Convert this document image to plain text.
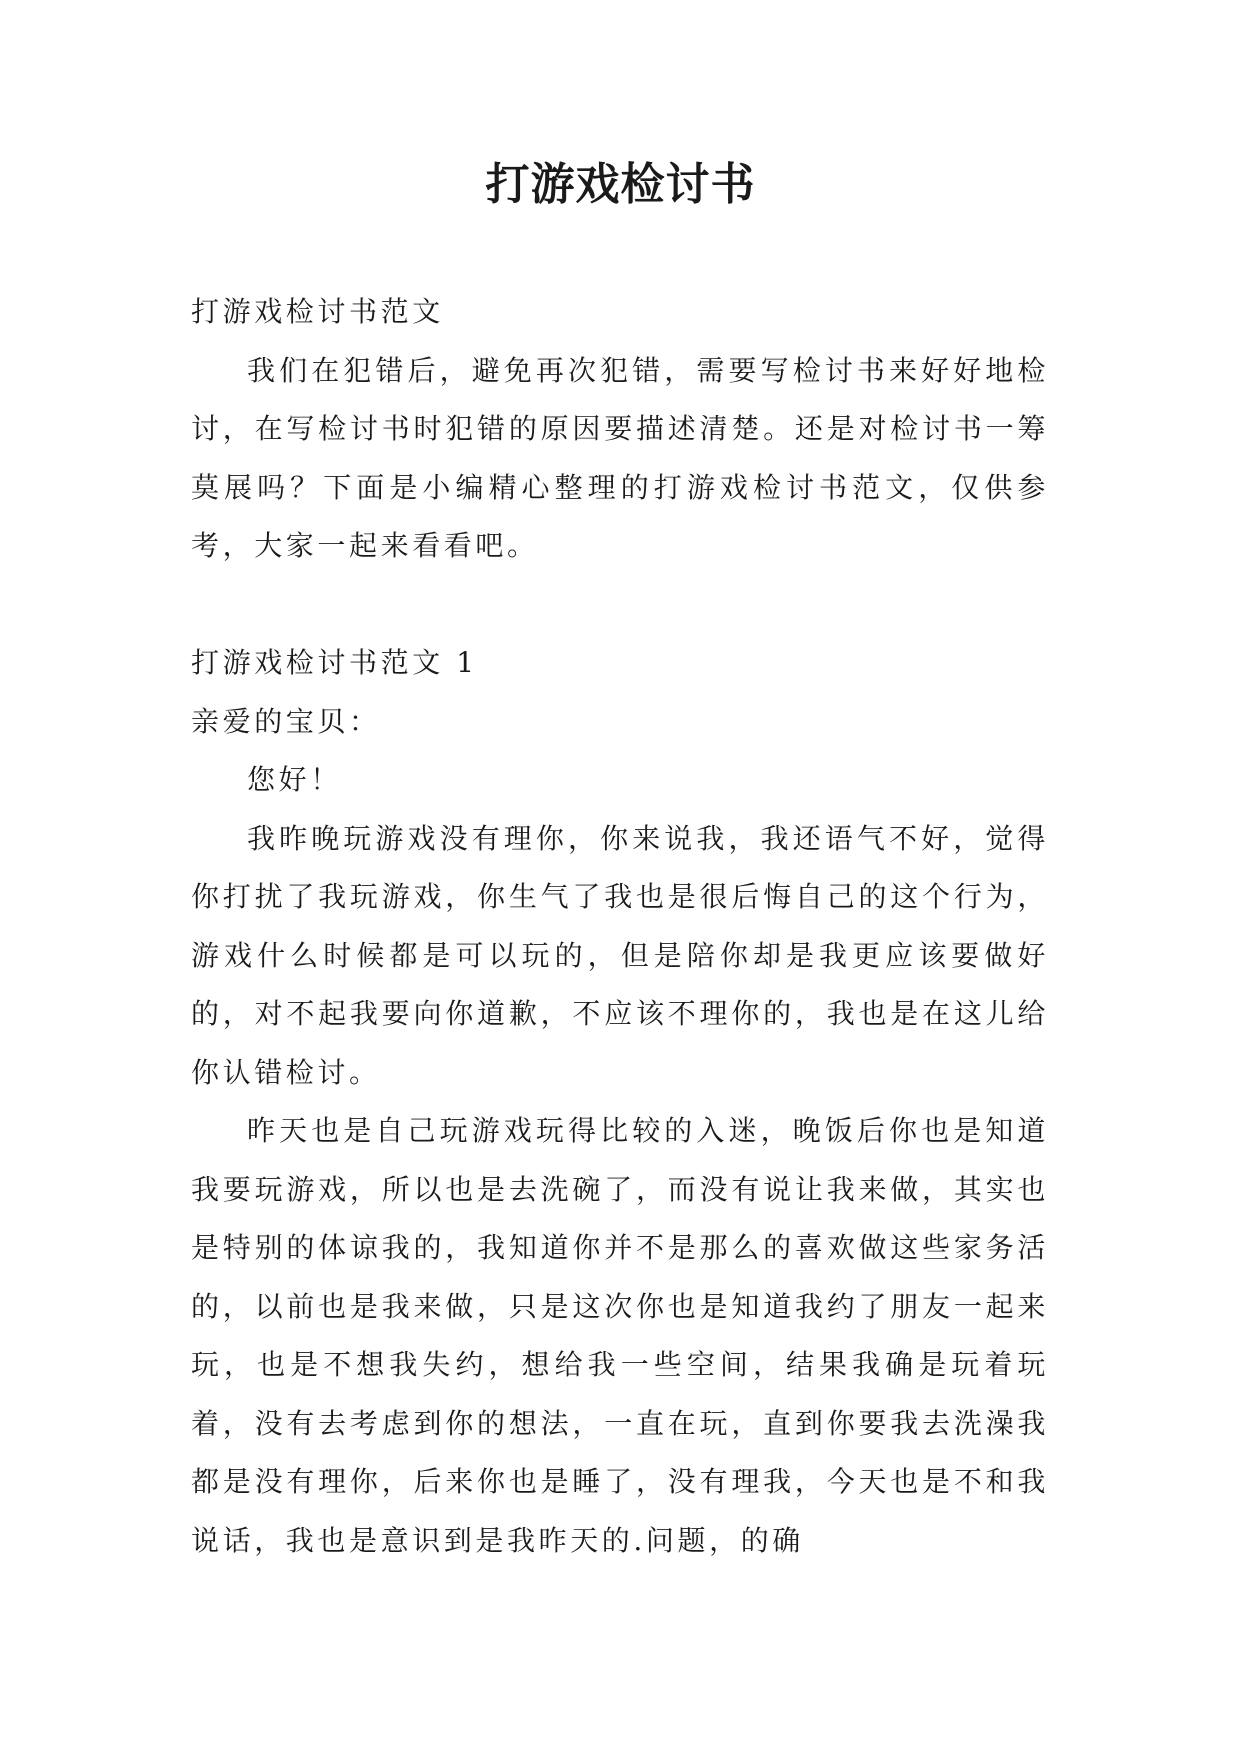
打游戏检讨书

打游戏检讨书范文

我们在犯错后，避免再次犯错，需要写检讨书来好好地检讨，在写检讨书时犯错的原因要描述清楚。还是对检讨书一筹莫展吗？下面是小编精心整理的打游戏检讨书范文，仅供参考，大家一起来看看吧。

打游戏检讨书范文 1

亲爱的宝贝：

您好！

我昨晚玩游戏没有理你，你来说我，我还语气不好，觉得你打扰了我玩游戏，你生气了我也是很后悔自己的这个行为，游戏什么时候都是可以玩的，但是陪你却是我更应该要做好的，对不起我要向你道歉，不应该不理你的，我也是在这儿给你认错检讨。

昨天也是自己玩游戏玩得比较的入迷，晚饭后你也是知道我要玩游戏，所以也是去洗碗了，而没有说让我来做，其实也是特别的体谅我的，我知道你并不是那么的喜欢做这些家务活的，以前也是我来做，只是这次你也是知道我约了朋友一起来玩，也是不想我失约，想给我一些空间，结果我确是玩着玩着，没有去考虑到你的想法，一直在玩，直到你要我去洗澡我都是没有理你，后来你也是睡了，没有理我，今天也是不和我说话，我也是意识到是我昨天的.问题，的确
